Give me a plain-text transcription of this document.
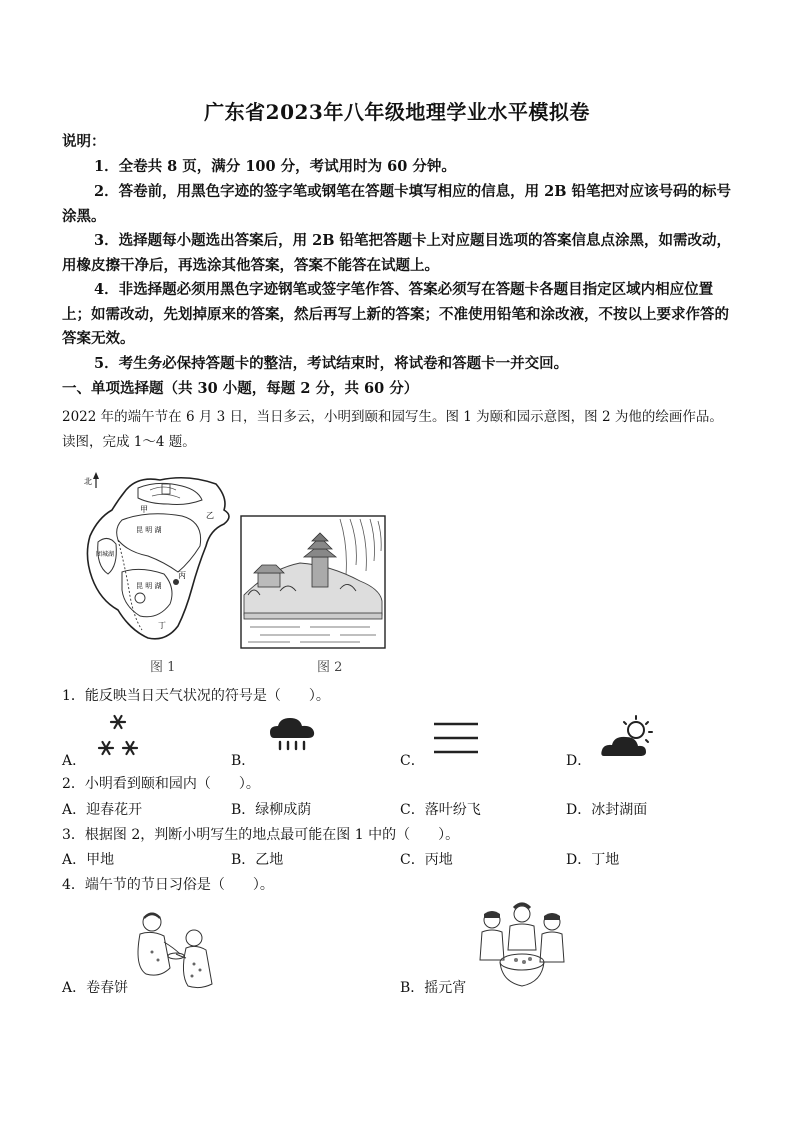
广东省2023年八年级地理学业水平模拟卷
说明：
1．全卷共 8 页，满分 100 分，考试用时为 60 分钟。
2．答卷前，用黑色字迹的签字笔或钢笔在答题卡填写相应的信息，用 2B 铅笔把对应该号码的标号涂黑。
3．选择题每小题选出答案后，用 2B 铅笔把答题卡上对应题目选项的答案信息点涂黑，如需改动，用橡皮擦干净后，再选涂其他答案，答案不能答在试题上。
4．非选择题必须用黑色字迹钢笔或签字笔作答、答案必须写在答题卡各题目指定区域内相应位置上；如需改动，先划掉原来的答案，然后再写上新的答案；不准使用铅笔和涂改液，不按以上要求作答的答案无效。
5．考生务必保持答题卡的整洁，考试结束时，将试卷和答题卡一并交回。
一、单项选择题（共 30 小题，每题 2 分，共 60 分）
2022 年的端午节在 6 月 3 日，当日多云，小明到颐和园写生。图 1 为颐和园示意图，图 2 为他的绘画作品。读图，完成 1～4 题。
北
甲
昆 明 湖
昆 明 湖
团城湖
乙
丙
丁
图 1	图 2
1．能反映当日天气状况的符号是（　　）。
A．	B．	C．	D．
2．小明看到颐和园内（　　）。
A．迎春花开	B．绿柳成荫	C．落叶纷飞	D．冰封湖面
3．根据图 2，判断小明写生的地点最可能在图 1 中的（　　）。
A．甲地	B．乙地	C．丙地	D．丁地
4．端午节的节日习俗是（　　）。
A．卷春饼	B．摇元宵
